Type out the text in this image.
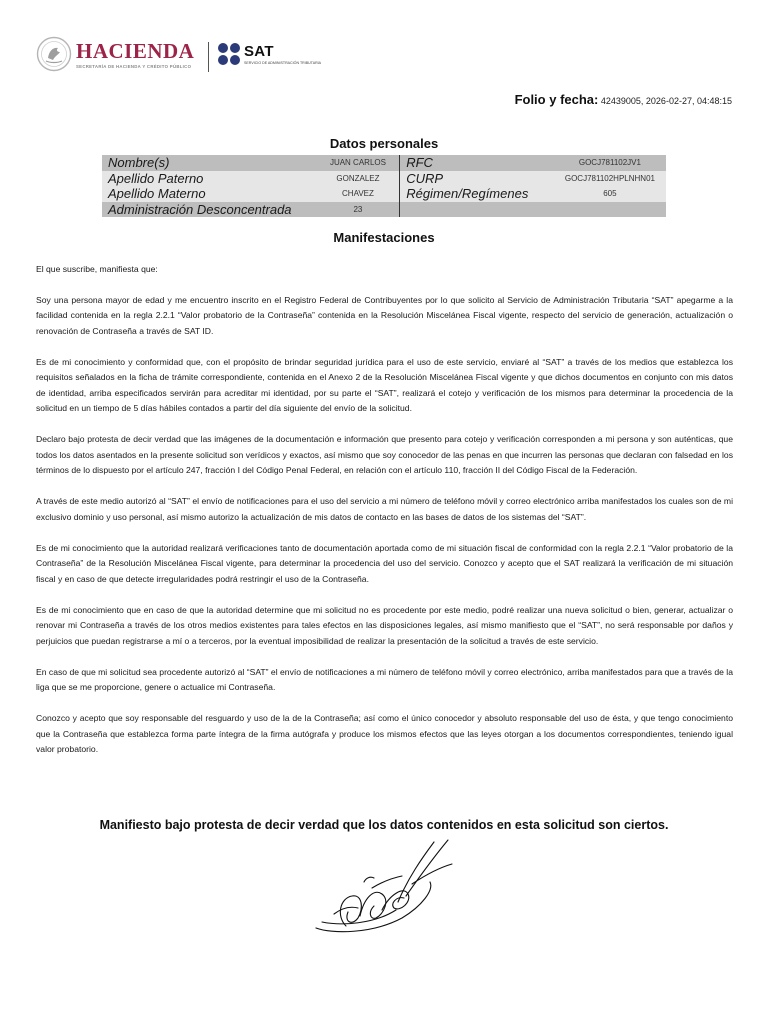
HACIENDA
SECRETARÍA DE HACIENDA Y CRÉDITO PÚBLICO
SAT
SERVICIO DE ADMINISTRACIÓN TRIBUTARIA
Folio y fecha: 42439005, 2026-02-27, 04:48:15
Datos personales
Nombre(s)	JUAN CARLOS	RFC	GOCJ781102JV1
Apellido Paterno	GONZALEZ	CURP	GOCJ781102HPLNHN01
Apellido Materno	CHAVEZ	Régimen/Regímenes	605
Administración Desconcentrada	23		
Manifestaciones

El que suscribe, manifiesta que:

Soy una persona mayor de edad y me encuentro inscrito en el Registro Federal de Contribuyentes por lo que solicito al Servicio de Administración Tributaria “SAT” apegarme a la facilidad contenida en la regla 2.2.1 “Valor probatorio de la Contraseña” contenida en la Resolución Miscelánea Fiscal vigente, respecto del servicio de generación, actualización o renovación de Contraseña a través de SAT ID.

Es de mi conocimiento y conformidad que, con el propósito de brindar seguridad jurídica para el uso de este servicio, enviaré al “SAT” a través de los medios que establezca los requisitos señalados en la ficha de trámite correspondiente, contenida en el Anexo 2 de la Resolución Miscelánea Fiscal vigente y que dichos documentos en conjunto con mis datos de identidad, arriba especificados servirán para acreditar mi identidad, por su parte el “SAT”, realizará el cotejo y verificación de los mismos para determinar la procedencia de la solicitud en un tiempo de 5 días hábiles contados a partir del día siguiente del envío de la solicitud.

Declaro bajo protesta de decir verdad que las imágenes de la documentación e información que presento para cotejo y verificación corresponden a mi persona y son auténticas, que todos los datos asentados en la presente solicitud son verídicos y exactos, así mismo que soy conocedor de las penas en que incurren las personas que declaran con falsedad en los términos de lo dispuesto por el artículo 247, fracción I del Código Penal Federal, en relación con el artículo 110, fracción II del Código Fiscal de la Federación.

A través de este medio autorizó al “SAT” el envío de notificaciones para el uso del servicio a mi número de teléfono móvil y correo electrónico arriba manifestados los cuales son de mi exclusivo dominio y uso personal, así mismo autorizo la actualización de mis datos de contacto en las bases de datos de los sistemas del “SAT”.

Es de mi conocimiento que la autoridad realizará verificaciones tanto de documentación aportada como de mi situación fiscal de conformidad con la regla 2.2.1 “Valor probatorio de la Contraseña” de la Resolución Miscelánea Fiscal vigente, para determinar la procedencia del uso del servicio. Conozco y acepto que el SAT realizará la verificación de mi situación fiscal y en caso de que detecte irregularidades podrá restringir el uso de la Contraseña.

Es de mi conocimiento que en caso de que la autoridad determine que mi solicitud no es procedente por este medio, podré realizar una nueva solicitud o bien, generar, actualizar o renovar mi Contraseña a través de los otros medios existentes para tales efectos en las disposiciones legales, así mismo manifiesto que el “SAT”, no será responsable por daños y perjuicios que puedan registrarse a mí o a terceros, por la eventual imposibilidad de realizar la presentación de la solicitud a través de este servicio.

En caso de que mi solicitud sea procedente autorizó al “SAT” el envío de notificaciones a mi número de teléfono móvil y correo electrónico, arriba manifestados para que a través de la liga que se me proporcione, genere o actualice mi Contraseña.

Conozco y acepto que soy responsable del resguardo y uso de la de la Contraseña; así como el único conocedor y absoluto responsable del uso de ésta, y que tengo conocimiento que la Contraseña que establezca forma parte íntegra de la firma autógrafa y produce los mismos efectos que las leyes otorgan a los documentos correspondientes, teniendo igual valor probatorio.

Manifiesto bajo protesta de decir verdad que los datos contenidos en esta solicitud son ciertos.
